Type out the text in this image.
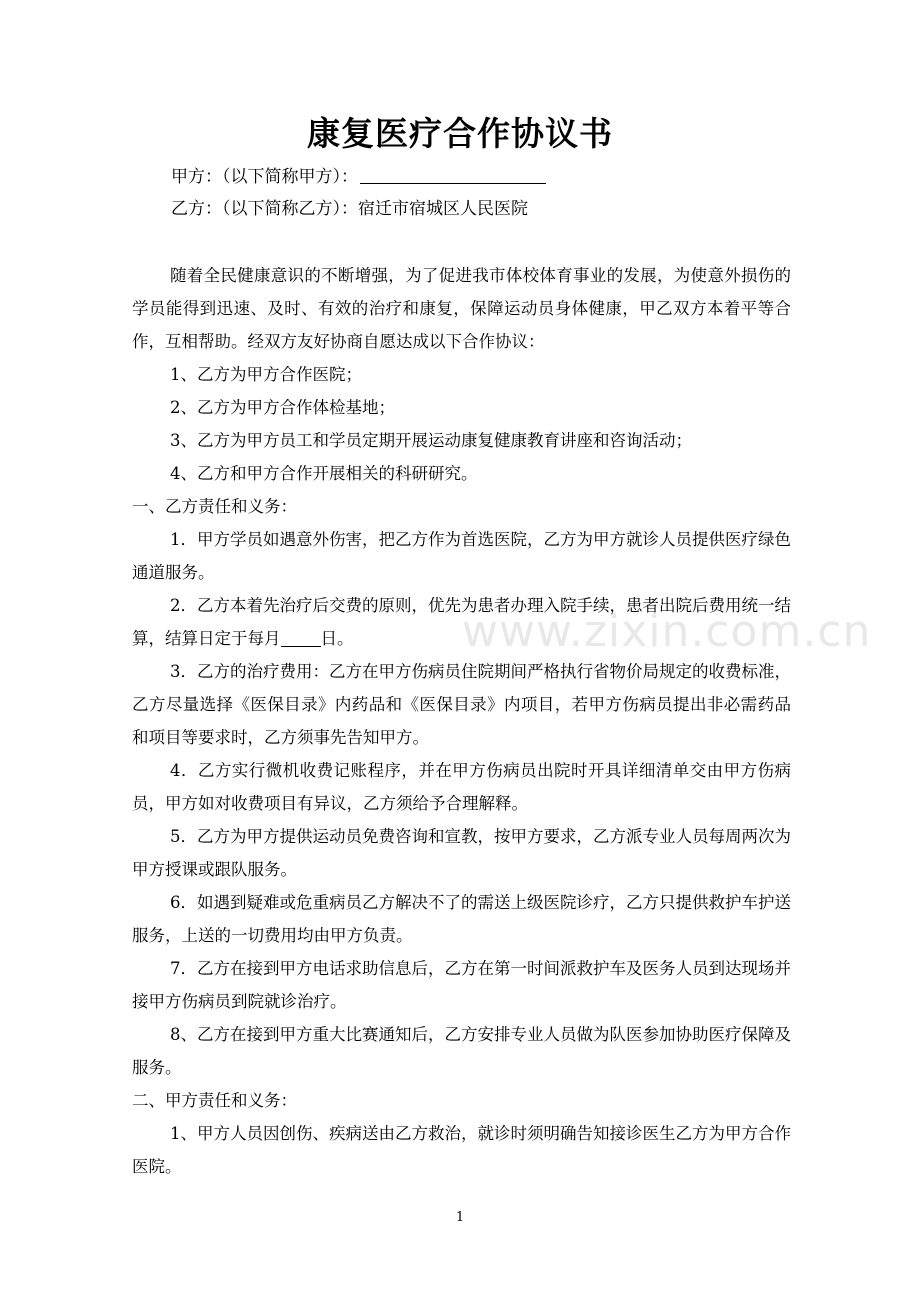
康复医疗合作协议书
甲方：（以下简称甲方）：
乙方：（以下简称乙方）：宿迁市宿城区人民医院

随着全民健康意识的不断增强，为了促进我市体校体育事业的发展，为使意外损伤的学员能得到迅速、及时、有效的治疗和康复，保障运动员身体健康，甲乙双方本着平等合作，互相帮助。经双方友好协商自愿达成以下合作协议：

1、乙方为甲方合作医院；

2、乙方为甲方合作体检基地；

3、乙方为甲方员工和学员定期开展运动康复健康教育讲座和咨询活动；

4、乙方和甲方合作开展相关的科研研究。

一、乙方责任和义务：

1．甲方学员如遇意外伤害，把乙方作为首选医院，乙方为甲方就诊人员提供医疗绿色通道服务。

2．乙方本着先治疗后交费的原则，优先为患者办理入院手续，患者出院后费用统一结算，结算日定于每月 日。

3．乙方的治疗费用：乙方在甲方伤病员住院期间严格执行省物价局规定的收费标准，乙方尽量选择《医保目录》内药品和《医保目录》内项目，若甲方伤病员提出非必需药品和项目等要求时，乙方须事先告知甲方。

4．乙方实行微机收费记账程序，并在甲方伤病员出院时开具详细清单交由甲方伤病员，甲方如对收费项目有异议，乙方须给予合理解释。

5．乙方为甲方提供运动员免费咨询和宣教，按甲方要求，乙方派专业人员每周两次为甲方授课或跟队服务。

6．如遇到疑难或危重病员乙方解决不了的需送上级医院诊疗，乙方只提供救护车护送服务，上送的一切费用均由甲方负责。

7．乙方在接到甲方电话求助信息后，乙方在第一时间派救护车及医务人员到达现场并接甲方伤病员到院就诊治疗。

8、乙方在接到甲方重大比赛通知后，乙方安排专业人员做为队医参加协助医疗保障及服务。

二、甲方责任和义务：

1、甲方人员因创伤、疾病送由乙方救治，就诊时须明确告知接诊医生乙方为甲方合作医院。

www.zixin.com.cn
1
